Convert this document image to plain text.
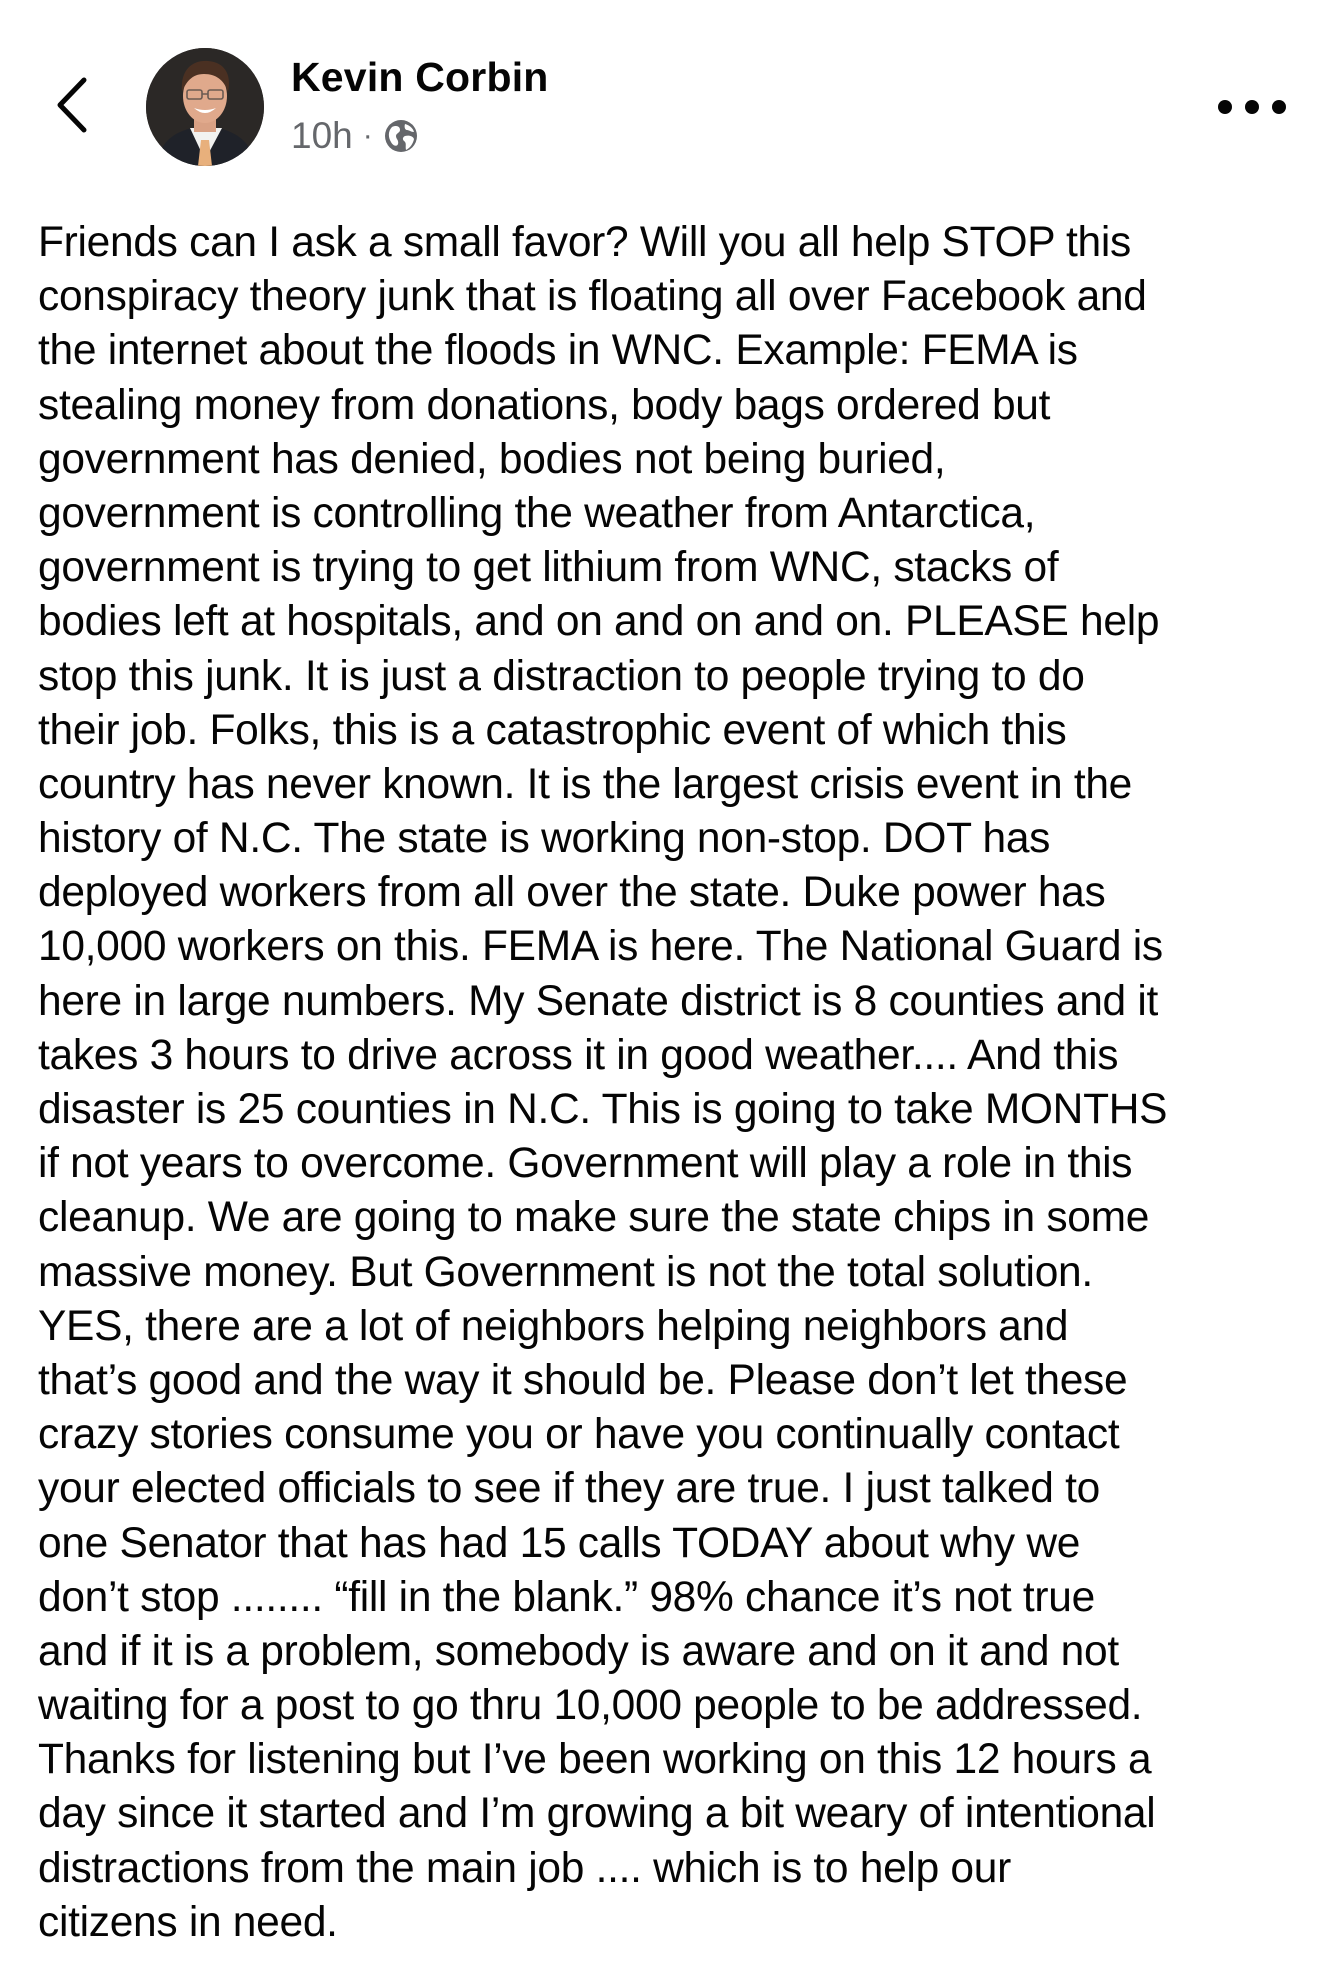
Kevin Corbin
10h ·
Friends can I ask a small favor? Will you all help STOP this
conspiracy theory junk that is floating all over Facebook and
the internet about the floods in WNC. Example: FEMA is
stealing money from donations, body bags ordered but
government has denied, bodies not being buried,
government is controlling the weather from Antarctica,
government is trying to get lithium from WNC, stacks of
bodies left at hospitals, and on and on and on. PLEASE help
stop this junk. It is just a distraction to people trying to do
their job. Folks, this is a catastrophic event of which this
country has never known. It is the largest crisis event in the
history of N.C. The state is working non-stop. DOT has
deployed workers from all over the state. Duke power has
10,000 workers on this. FEMA is here. The National Guard is
here in large numbers. My Senate district is 8 counties and it
takes 3 hours to drive across it in good weather.... And this
disaster is 25 counties in N.C. This is going to take MONTHS
if not years to overcome. Government will play a role in this
cleanup. We are going to make sure the state chips in some
massive money. But Government is not the total solution.
YES, there are a lot of neighbors helping neighbors and
that’s good and the way it should be. Please don’t let these
crazy stories consume you or have you continually contact
your elected officials to see if they are true. I just talked to
one Senator that has had 15 calls TODAY about why we
don’t stop ........ “fill in the blank.” 98% chance it’s not true
and if it is a problem, somebody is aware and on it and not
waiting for a post to go thru 10,000 people to be addressed.
Thanks for listening but I’ve been working on this 12 hours a
day since it started and I’m growing a bit weary of intentional
distractions from the main job .... which is to help our
citizens in need.
